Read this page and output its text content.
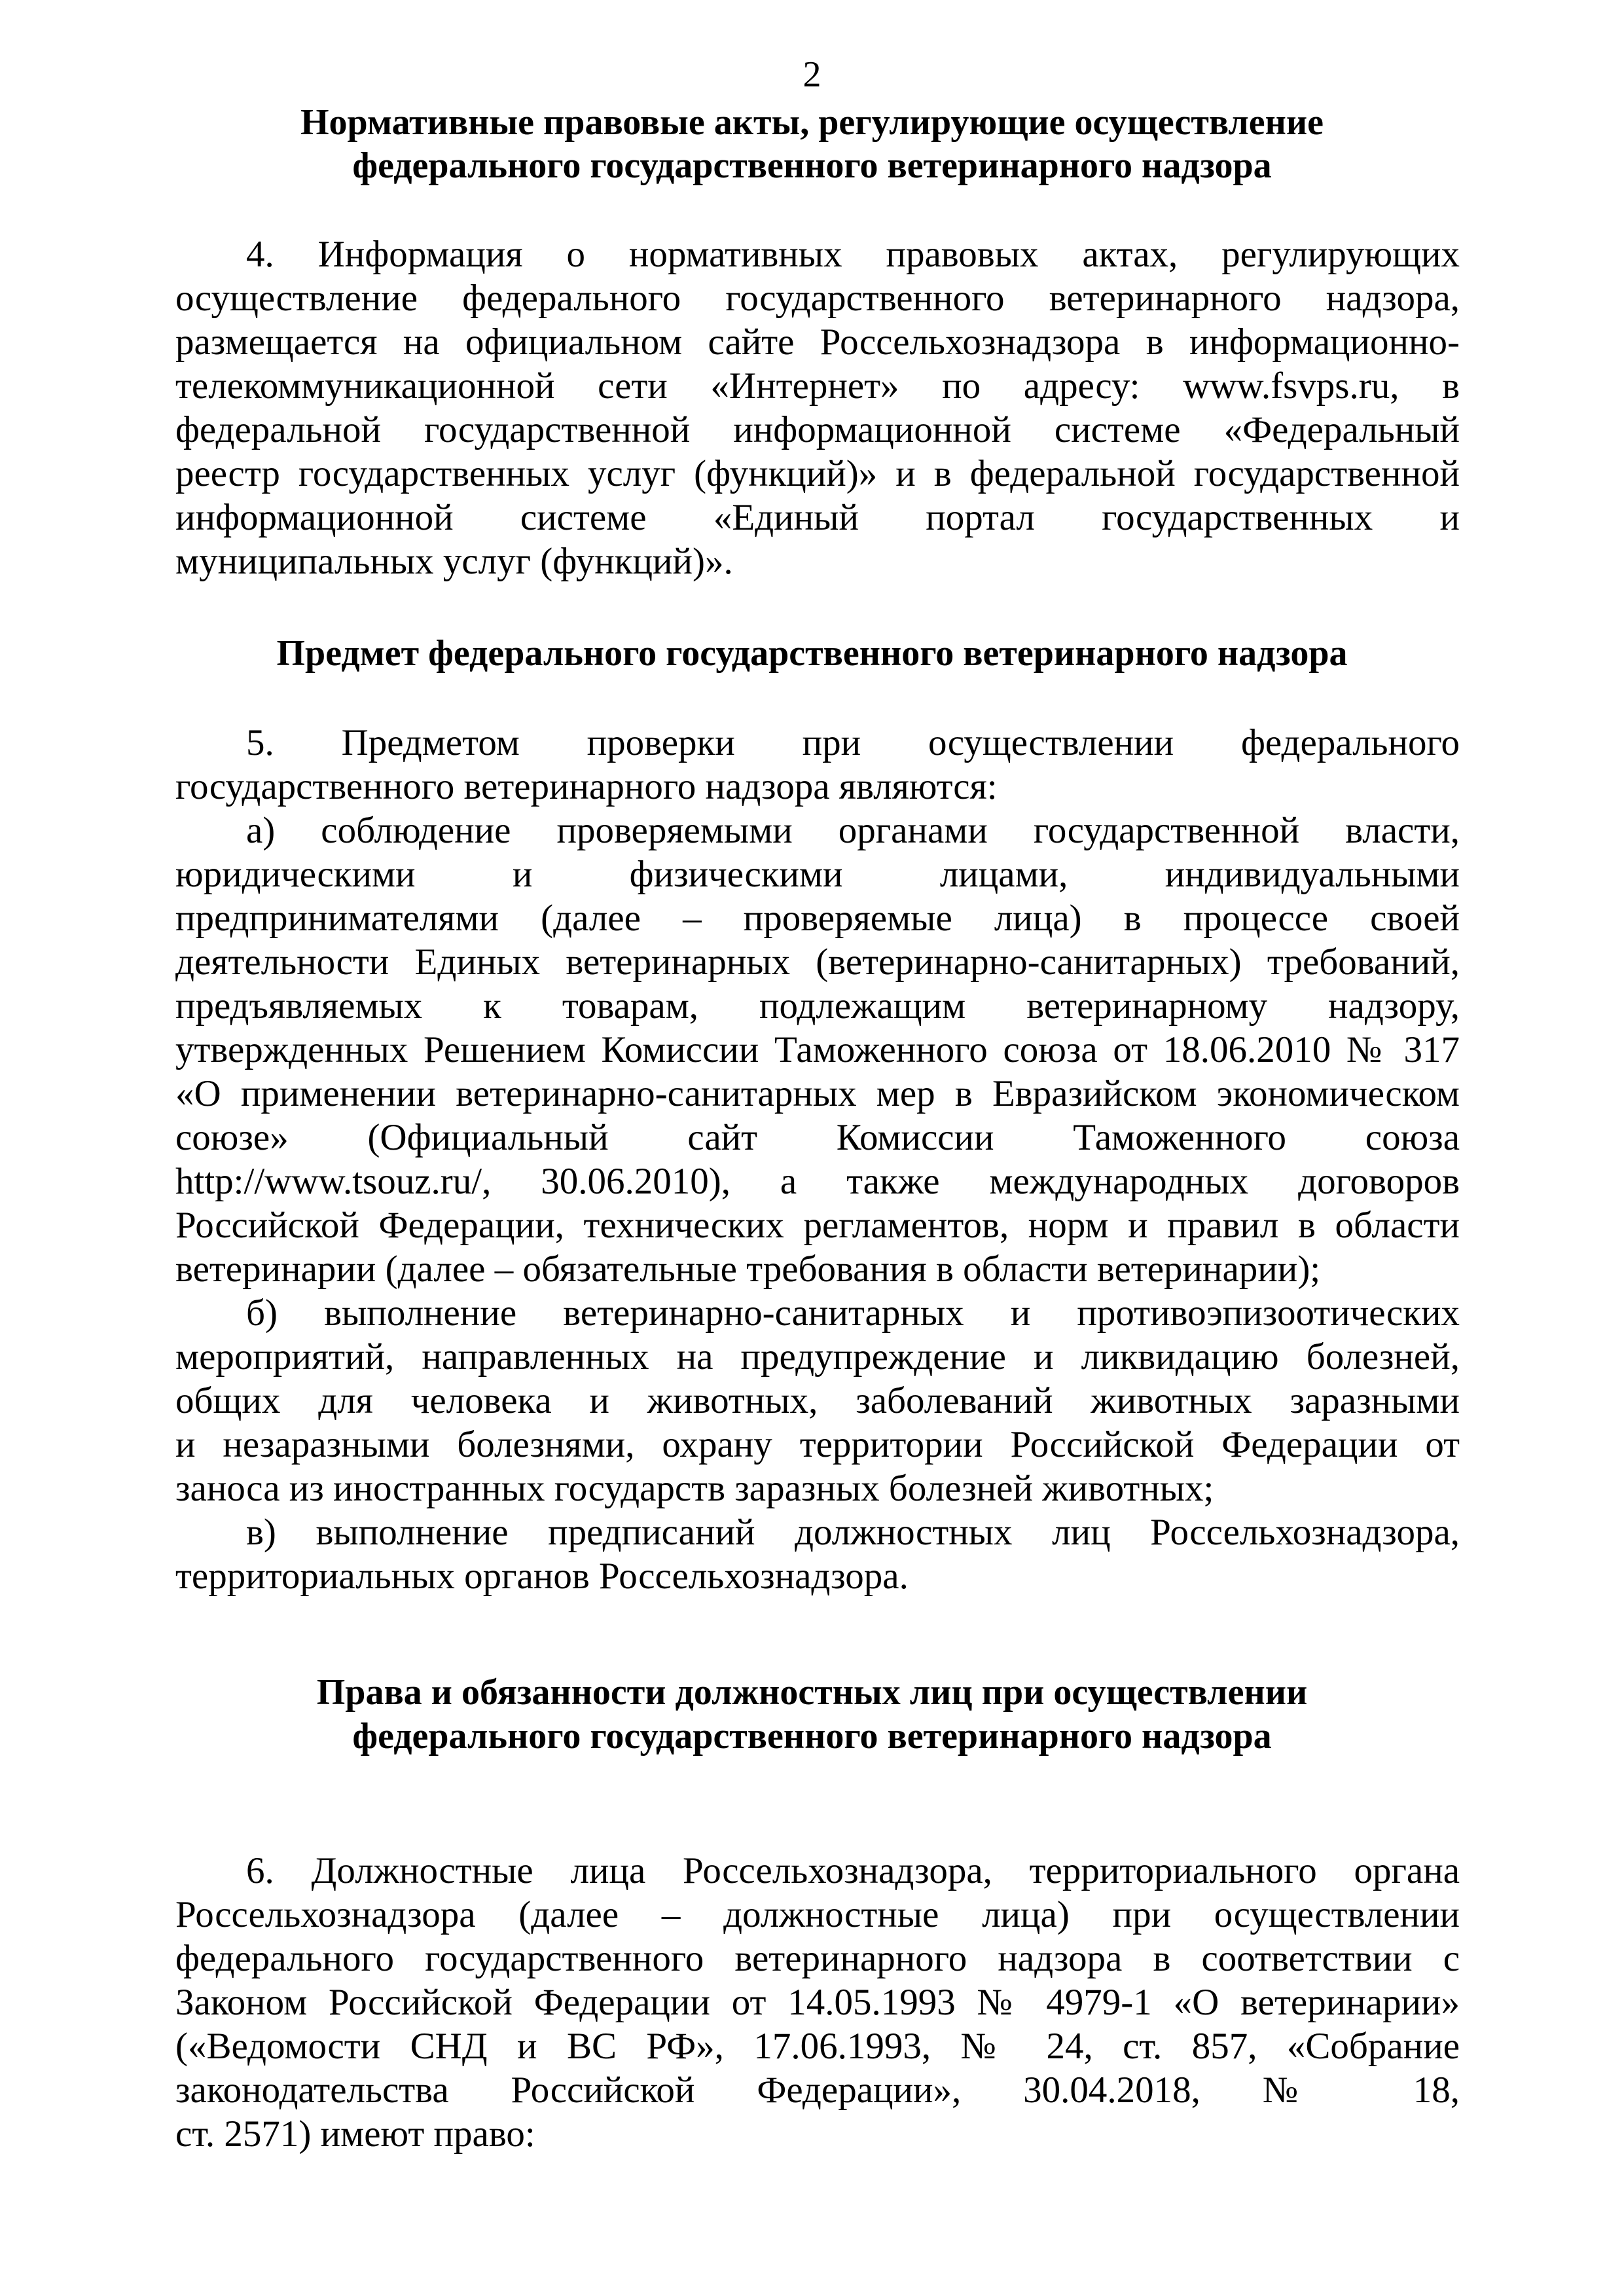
2
Нормативные правовые акты, регулирующие осуществление
федерального государственного ветеринарного надзора
4. Информация о нормативных правовых актах, регулирующих
осуществление федерального государственного ветеринарного надзора,
размещается на официальном сайте Россельхознадзора в информационно-
телекоммуникационной сети «Интернет» по адресу: www.fsvps.ru, в
федеральной государственной информационной системе «Федеральный
реестр государственных услуг (функций)» и в федеральной государственной
информационной системе «Единый портал государственных и
муниципальных услуг (функций)».
Предмет федерального государственного ветеринарного надзора
5. Предметом проверки при осуществлении федерального
государственного ветеринарного надзора являются:
а) соблюдение проверяемыми органами государственной власти,
юридическими и физическими лицами, индивидуальными
предпринимателями (далее – проверяемые лица) в процессе своей
деятельности Единых ветеринарных (ветеринарно-санитарных) требований,
предъявляемых к товарам, подлежащим ветеринарному надзору,
утвержденных Решением Комиссии Таможенного союза от 18.06.2010 № 317
«О применении ветеринарно-санитарных мер в Евразийском экономическом
союзе» (Официальный сайт Комиссии Таможенного союза
http://www.tsouz.ru/, 30.06.2010), а также международных договоров
Российской Федерации, технических регламентов, норм и правил в области
ветеринарии (далее – обязательные требования в области ветеринарии);
б) выполнение ветеринарно-санитарных и противоэпизоотических
мероприятий, направленных на предупреждение и ликвидацию болезней,
общих для человека и животных, заболеваний животных заразными
и незаразными болезнями, охрану территории Российской Федерации от
заноса из иностранных государств заразных болезней животных;
в) выполнение предписаний должностных лиц Россельхознадзора,
территориальных органов Россельхознадзора.
Права и обязанности должностных лиц при осуществлении
федерального государственного ветеринарного надзора
6. Должностные лица Россельхознадзора, территориального органа
Россельхознадзора (далее – должностные лица) при осуществлении
федерального государственного ветеринарного надзора в соответствии с
Законом Российской Федерации от 14.05.1993 № 4979-1 «О ветеринарии»
(«Ведомости СНД и ВС РФ», 17.06.1993, № 24, ст. 857, «Собрание
законодательства Российской Федерации», 30.04.2018, № 18,
ст. 2571) имеют право:
